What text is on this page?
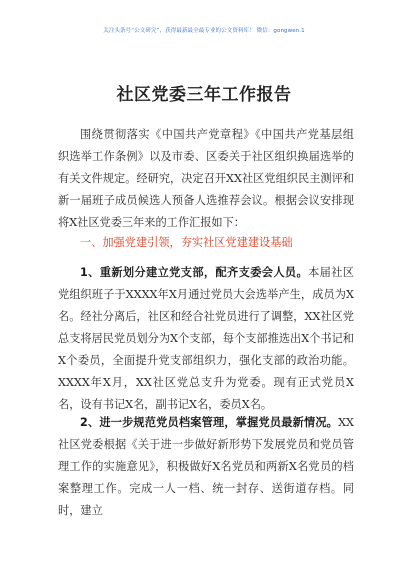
关注头条号“公文研究”，获得最新最全最专业的公文资料库！ 微信：gongwen.1
社区党委三年工作报告
围绕贯彻落实《中国共产党章程》《中国共产党基层组织选举工作条例》以及市委、区委关于社区组织换届选举的有关文件规定。经研究，决定召开XX社区党组织民主测评和新一届班子成员候选人预备人选推荐会议。根据会议安排现将X社区党委三年来的工作汇报如下：
一、加强党建引领，夯实社区党建建设基础
1、重新划分建立党支部，配齐支委会人员。本届社区党组织班子于XXXX年X月通过党员大会选举产生，成员为X名。经社分离后，社区和经合社党员进行了调整，XX社区党总支将居民党员划分为X个支部，每个支部推选出X个书记和X个委员，全面提升党支部组织力，强化支部的政治功能。XXXX年X月，XX社区党总支升为党委。现有正式党员X名，设有书记X名，副书记X名，委员X名。
2、进一步规范党员档案管理，掌握党员最新情况。XX社区党委根据《关于进一步做好新形势下发展党员和党员管理工作的实施意见》，积极做好X名党员和两新X名党员的档案整理工作。完成一人一档、统一封存、送街道存档。同时，建立
